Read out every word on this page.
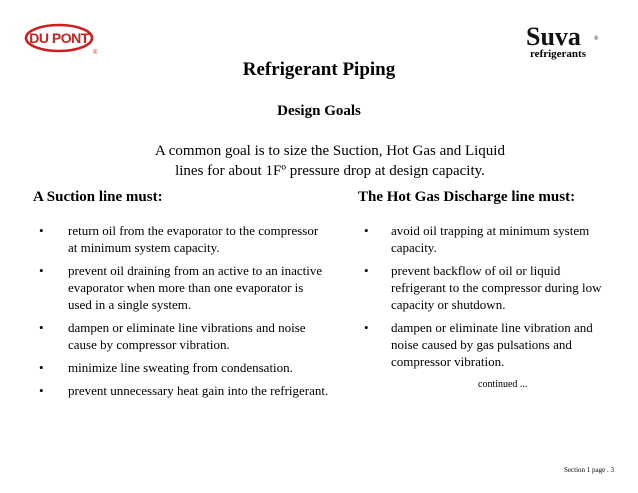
DU PONT
®
Suva ®
refrigerants
Refrigerant Piping
Design Goals
A common goal is to size the Suction, Hot Gas and Liquid lines for about 1Fº pressure drop at design capacity.
A Suction line must:	The Hot Gas Discharge line must:
• return oil from the evaporator to the compressor at minimum system capacity.
• prevent oil draining from an active to an inactive evaporator when more than one evaporator is used in a single system.
• dampen or eliminate line vibrations and noise cause by compressor vibration.
• minimize line sweating from condensation.
• prevent unnecessary heat gain into the refrigerant.
• avoid oil trapping at minimum system capacity.
• prevent backflow of oil or liquid refrigerant to the compressor during low capacity or shutdown.
• dampen or eliminate line vibration and noise caused by gas pulsations and compressor vibration.
continued ...
Section 1 page . 3
